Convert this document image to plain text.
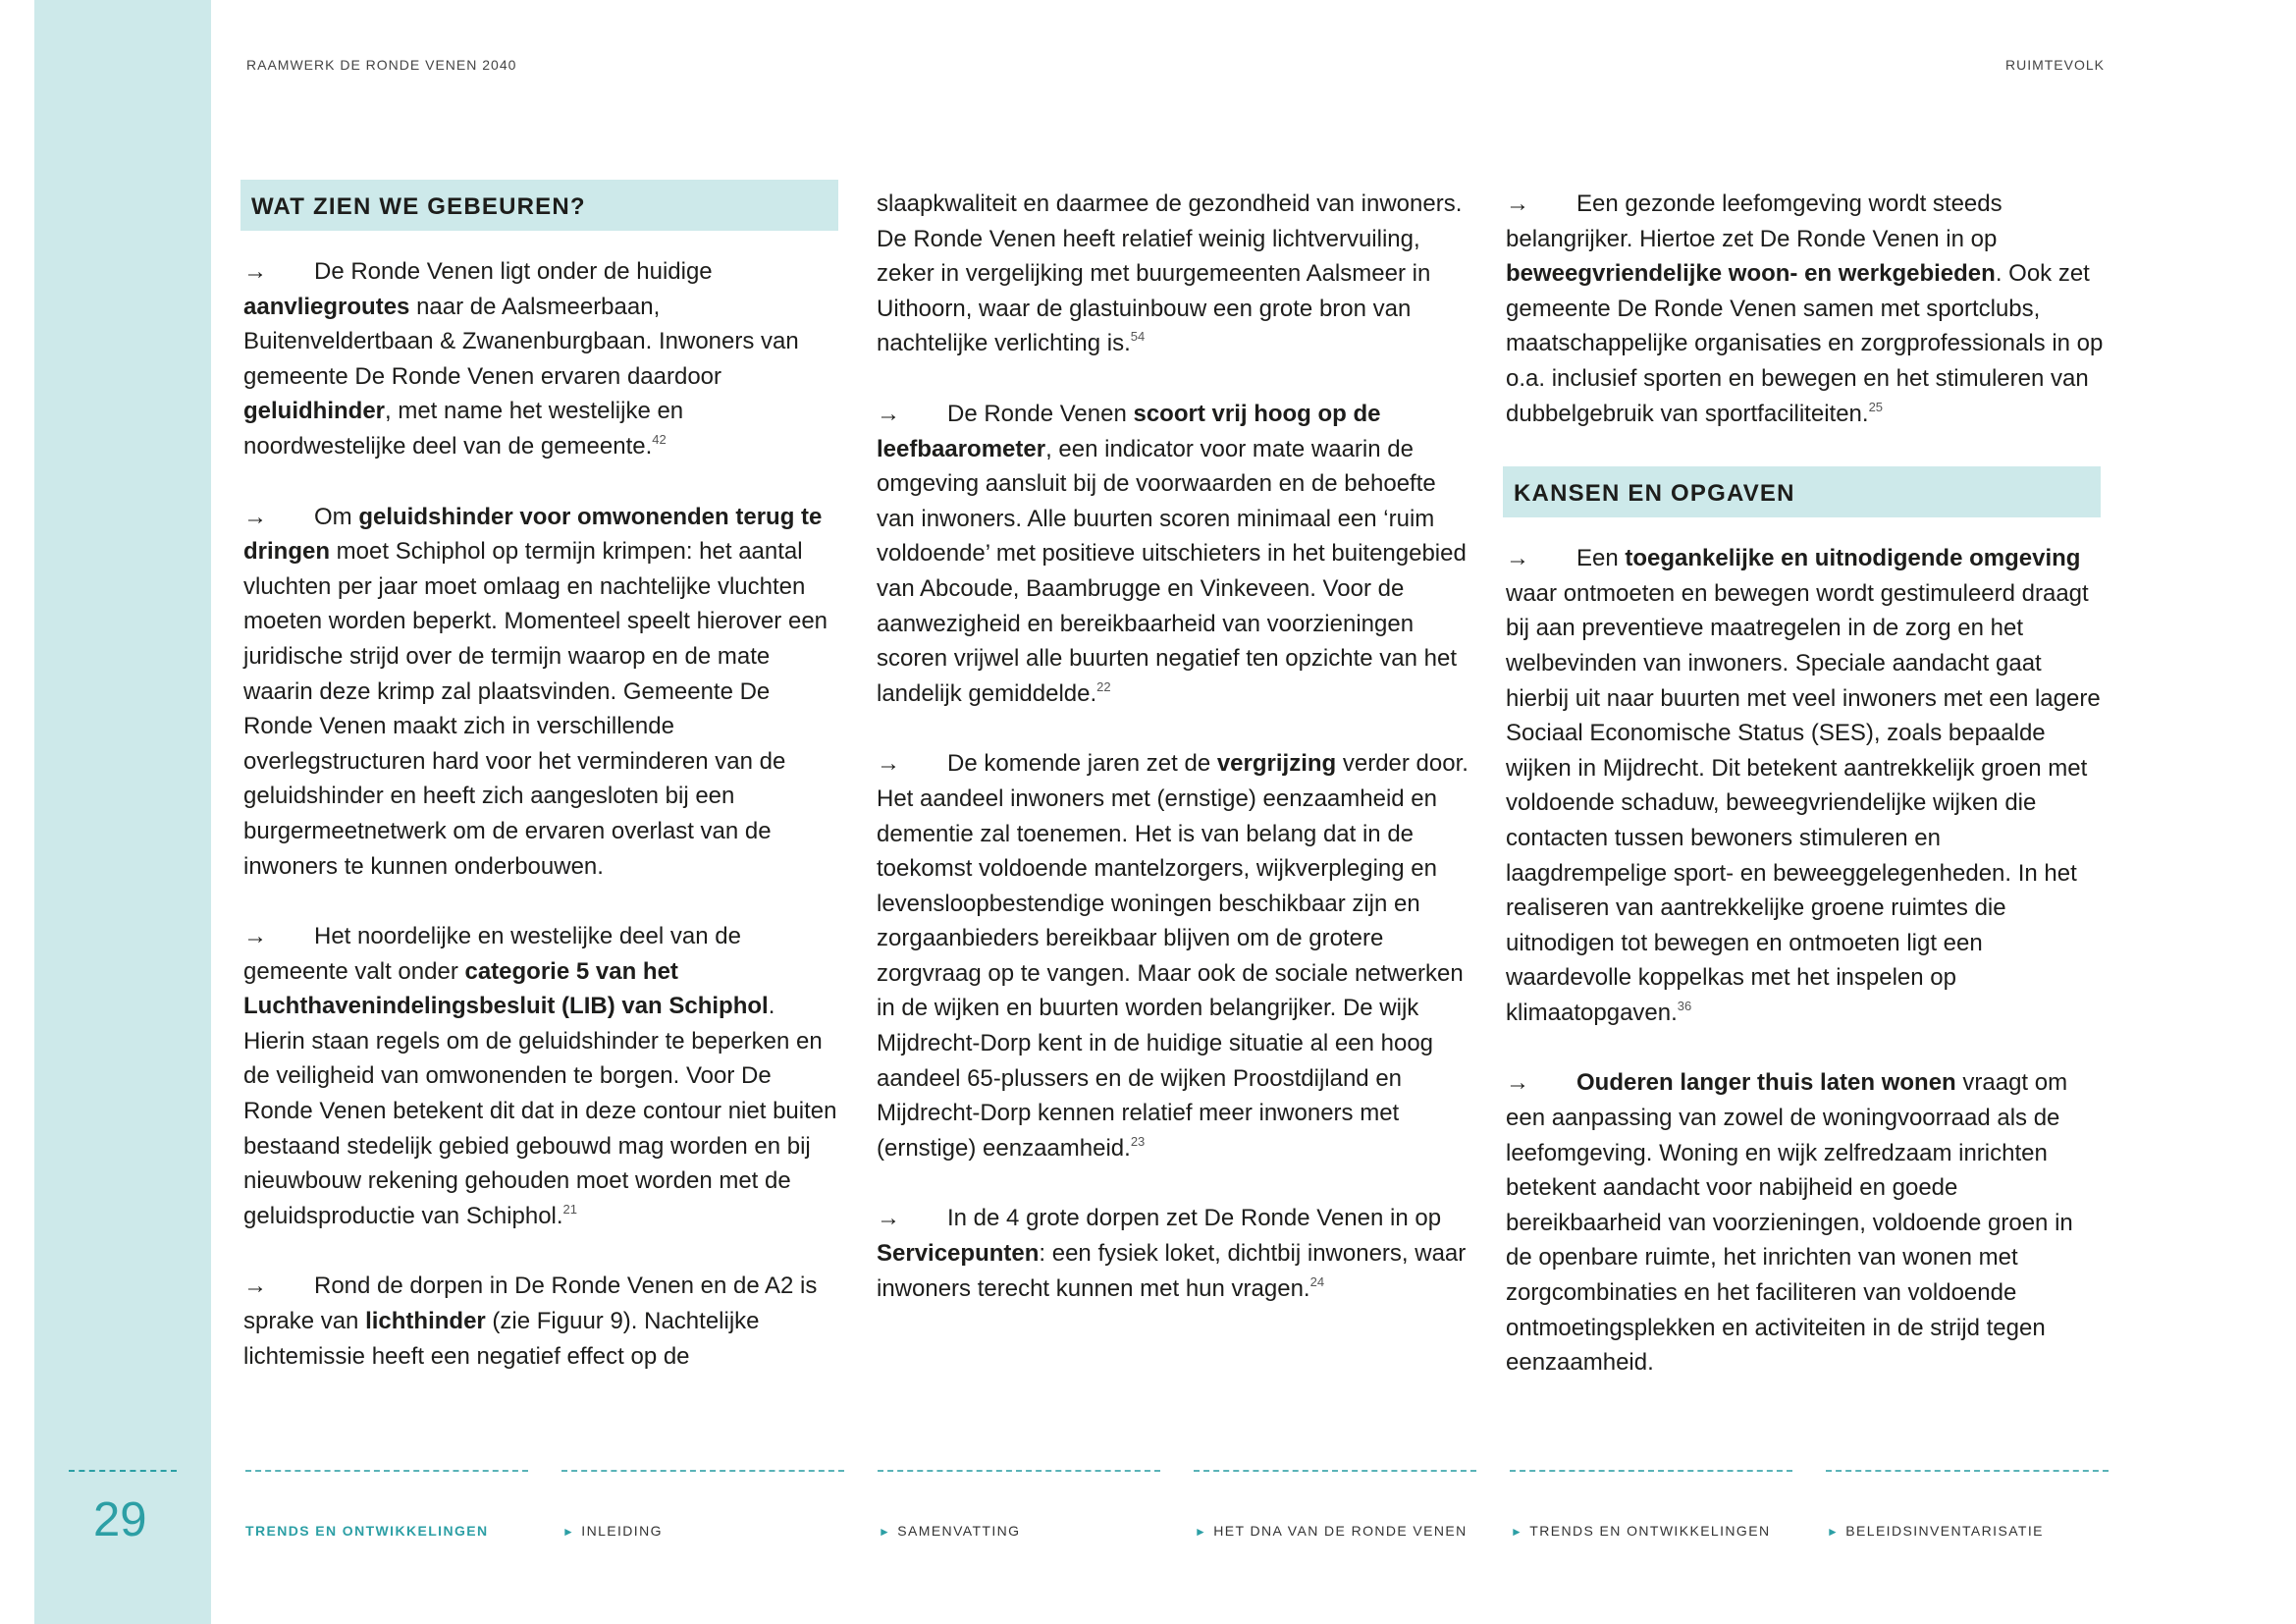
29
RAAMWERK DE RONDE VENEN 2040	RUIMTEVOLK
WAT ZIEN WE GEBEUREN?
→ De Ronde Venen ligt onder de huidige aanvliegroutes naar de Aalsmeerbaan, Buitenveldertbaan & Zwanenburgbaan. Inwoners van gemeente De Ronde Venen ervaren daardoor geluidhinder, met name het westelijke en noordwestelijke deel van de gemeente.$^{42}$
→ Om geluidshinder voor omwonenden terug te dringen moet Schiphol op termijn krimpen: het aantal vluchten per jaar moet omlaag en nachtelijke vluchten moeten worden beperkt. Momenteel speelt hierover een juridische strijd over de termijn waarop en de mate waarin deze krimp zal plaatsvinden. Gemeente De Ronde Venen maakt zich in verschillende overlegstructuren hard voor het verminderen van de geluidshinder en heeft zich aangesloten bij een burgermeetnetwerk om de ervaren overlast van de inwoners te kunnen onderbouwen.
→ Het noordelijke en westelijke deel van de gemeente valt onder categorie 5 van het Luchthavenindelingsbesluit (LIB) van Schiphol. Hierin staan regels om de geluidshinder te beperken en de veiligheid van omwonenden te borgen. Voor De Ronde Venen betekent dit dat in deze contour niet buiten bestaand stedelijk gebied gebouwd mag worden en bij nieuwbouw rekening gehouden moet worden met de geluidsproductie van Schiphol.$^{21}$
→ Rond de dorpen in De Ronde Venen en de A2 is sprake van lichthinder (zie Figuur 9). Nachtelijke lichtemissie heeft een negatief effect op de
slaapkwaliteit en daarmee de gezondheid van inwoners. De Ronde Venen heeft relatief weinig lichtvervuiling, zeker in vergelijking met buurgemeenten Aalsmeer in Uithoorn, waar de glastuinbouw een grote bron van nachtelijke verlichting is.$^{54}$
→ De Ronde Venen scoort vrij hoog op de leefbaarometer, een indicator voor mate waarin de omgeving aansluit bij de voorwaarden en de behoefte van inwoners. Alle buurten scoren minimaal een ‘ruim voldoende’ met positieve uitschieters in het buitengebied van Abcoude, Baambrugge en Vinkeveen. Voor de aanwezigheid en bereikbaarheid van voorzieningen scoren vrijwel alle buurten negatief ten opzichte van het landelijk gemiddelde.$^{22}$
→ De komende jaren zet de vergrijzing verder door. Het aandeel inwoners met (ernstige) eenzaamheid en dementie zal toenemen. Het is van belang dat in de toekomst voldoende mantelzorgers, wijkverpleging en levensloopbestendige woningen beschikbaar zijn en zorgaanbieders bereikbaar blijven om de grotere zorgvraag op te vangen. Maar ook de sociale netwerken in de wijken en buurten worden belangrijker. De wijk Mijdrecht-Dorp kent in de huidige situatie al een hoog aandeel 65-plussers en de wijken Proostdijland en Mijdrecht-Dorp kennen relatief meer inwoners met (ernstige) eenzaamheid.$^{23}$
→ In de 4 grote dorpen zet De Ronde Venen in op Servicepunten: een fysiek loket, dichtbij inwoners, waar inwoners terecht kunnen met hun vragen.$^{24}$
→ Een gezonde leefomgeving wordt steeds belangrijker. Hiertoe zet De Ronde Venen in op beweegvriendelijke woon- en werkgebieden. Ook zet gemeente De Ronde Venen samen met sportclubs, maatschappelijke organisaties en zorgprofessionals in op o.a. inclusief sporten en bewegen en het stimuleren van dubbelgebruik van sportfaciliteiten.$^{25}$
KANSEN EN OPGAVEN
→ Een toegankelijke en uitnodigende omgeving waar ontmoeten en bewegen wordt gestimuleerd draagt bij aan preventieve maatregelen in de zorg en het welbevinden van inwoners. Speciale aandacht gaat hierbij uit naar buurten met veel inwoners met een lagere Sociaal Economische Status (SES), zoals bepaalde wijken in Mijdrecht. Dit betekent aantrekkelijk groen met voldoende schaduw, beweegvriendelijke wijken die contacten tussen bewoners stimuleren en laagdrempelige sport- en beweeggelegenheden. In het realiseren van aantrekkelijke groene ruimtes die uitnodigen tot bewegen en ontmoeten ligt een waardevolle koppelkas met het inspelen op klimaatopgaven.$^{36}$
→ Ouderen langer thuis laten wonen vraagt om een aanpassing van zowel de woningvoorraad als de leefomgeving. Woning en wijk zelfredzaam inrichten betekent aandacht voor nabijheid en goede bereikbaarheid van voorzieningen, voldoende groen in de openbare ruimte, het inrichten van wonen met zorgcombinaties en het faciliteren van voldoende ontmoetingsplekken en activiteiten in de strijd tegen eenzaamheid.
TRENDS EN ONTWIKKELINGEN	► INLEIDING	► SAMENVATTING	► HET DNA VAN DE RONDE VENEN	► TRENDS EN ONTWIKKELINGEN	► BELEIDSINVENTARISATIE
